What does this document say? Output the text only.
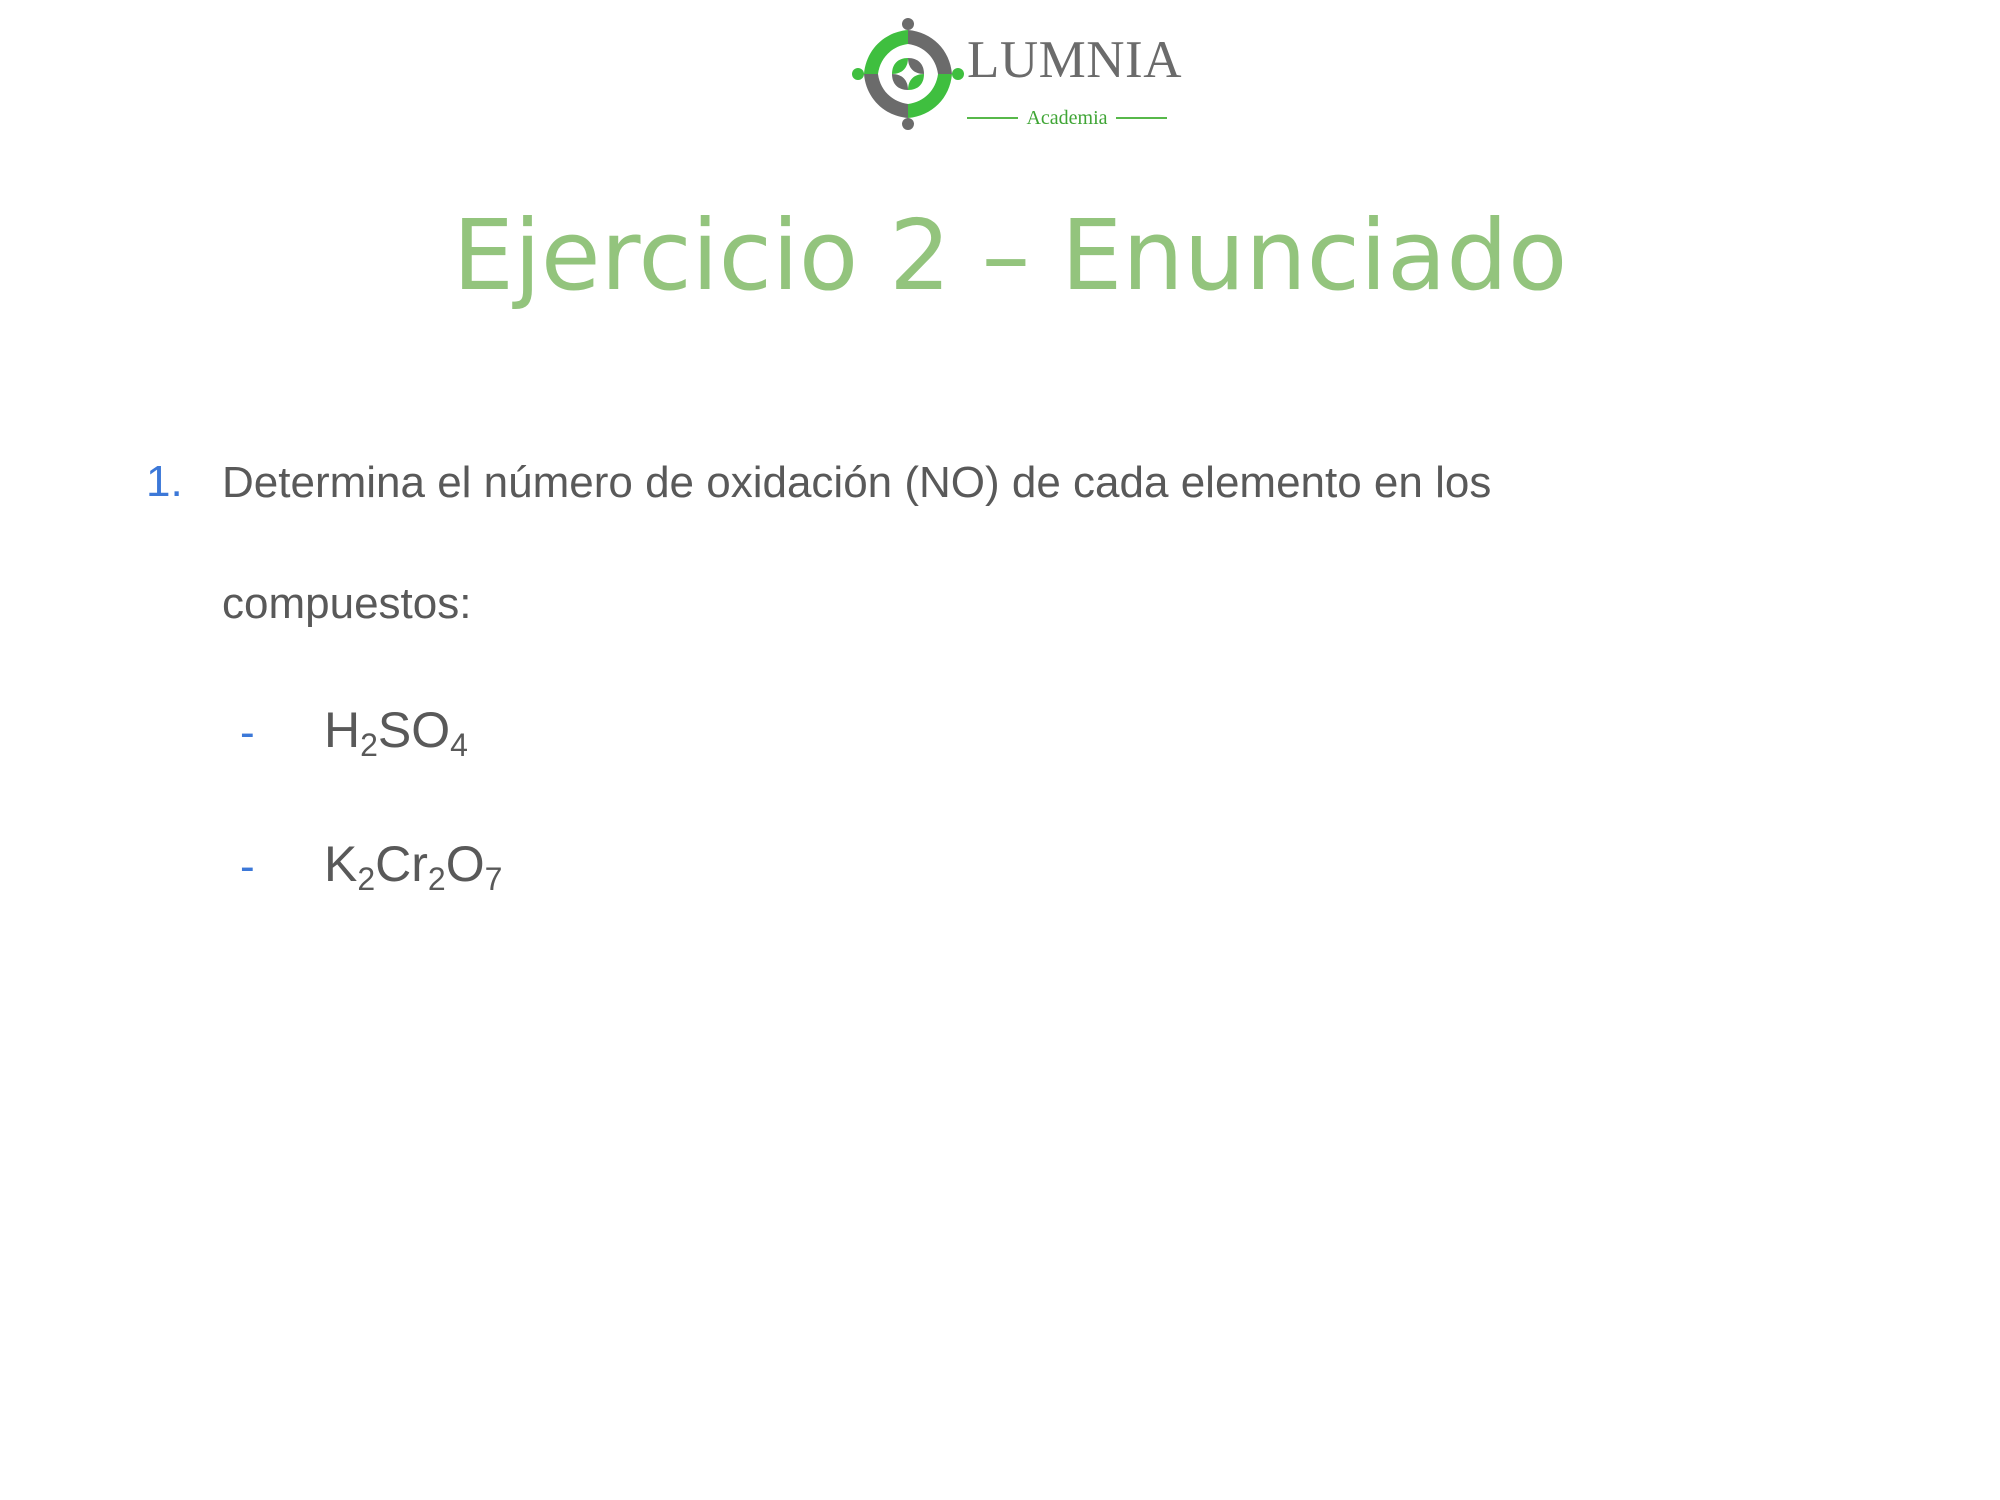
LUMNIA
Academia
Ejercicio 2 – Enunciado
1. Determina el número de oxidación (NO) de cada elemento en los compuestos:
- $H_2SO_4$
- $K_2Cr_2O_7$
